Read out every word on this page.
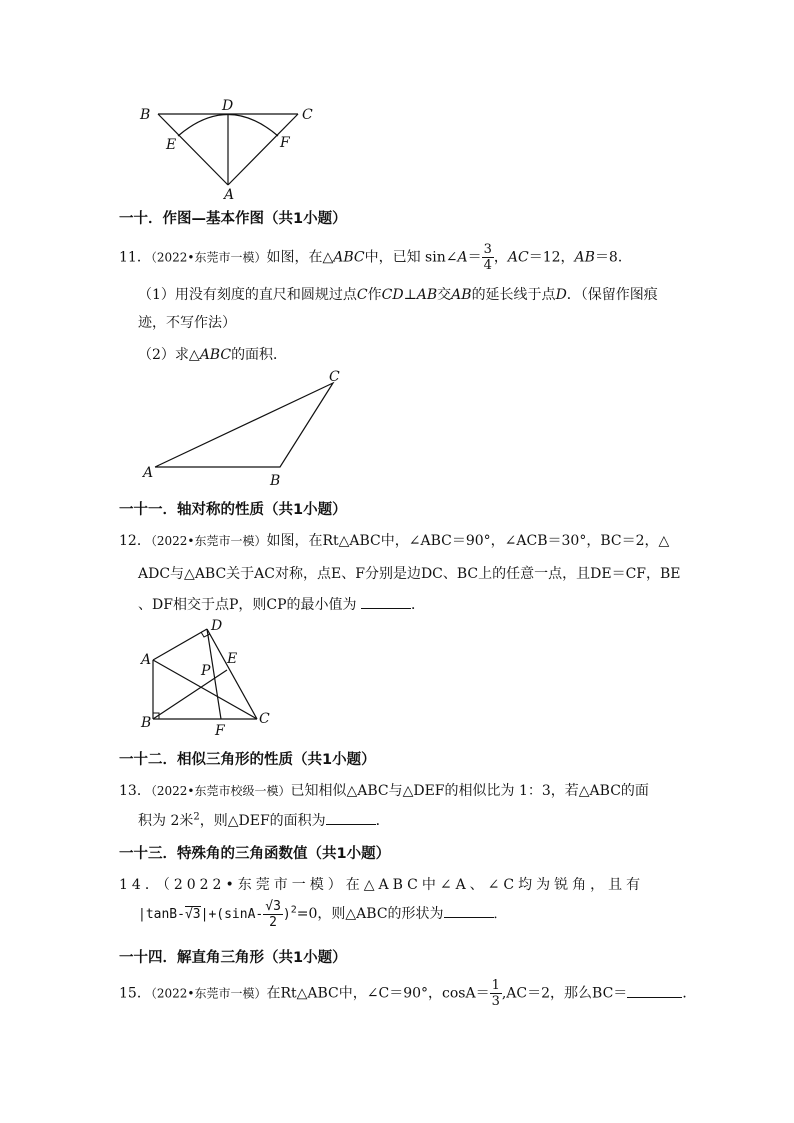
B
D
C
E	F
A
一十．作图—基本作图（共1小题）
11．（2022•东莞市一模）如图，在△ABC中，已知 sin∠A＝ $\frac{3}{4}$ ，AC＝12，AB＝8．
（1）用没有刻度的直尺和圆规过点C作CD⊥AB交AB的延长线于点D．（保留作图痕
迹，不写作法）
（2）求△ABC的面积．
A	B
C
一十一．轴对称的性质（共1小题）
12．（2022•东莞市一模）如图，在Rt△ABC中，∠ABC＝90°，∠ACB＝30°，BC＝2，△
ADC与△ABC关于AC对称，点E、F分别是边DC、BC上的任意一点，且DE＝CF，BE
、DF相交于点P，则CP的最小值为	．
D
A
P
E
B	C
F
一十二．相似三角形的性质（共1小题）
13．（2022•东莞市校级一模）已知相似△ABC与△DEF的相似比为 1：3，若△ABC的面
积为 2米$^2$，则△DEF的面积为	．
一十三．特殊角的三角函数值（共1小题）
14．（2022•东莞市一模）在△ABC中∠A、∠C均为锐角，且有
$|\tan B-√3|+(\sin A- \frac{√3}{2} )^2=0$，则△ABC的形状为	．
一十四．解直角三角形（共1小题）
15．（2022•东莞市一模）在Rt△ABC中，∠C＝90°，$\cos A= \frac{1}{3} ,AC=2$，那么BC＝	．
